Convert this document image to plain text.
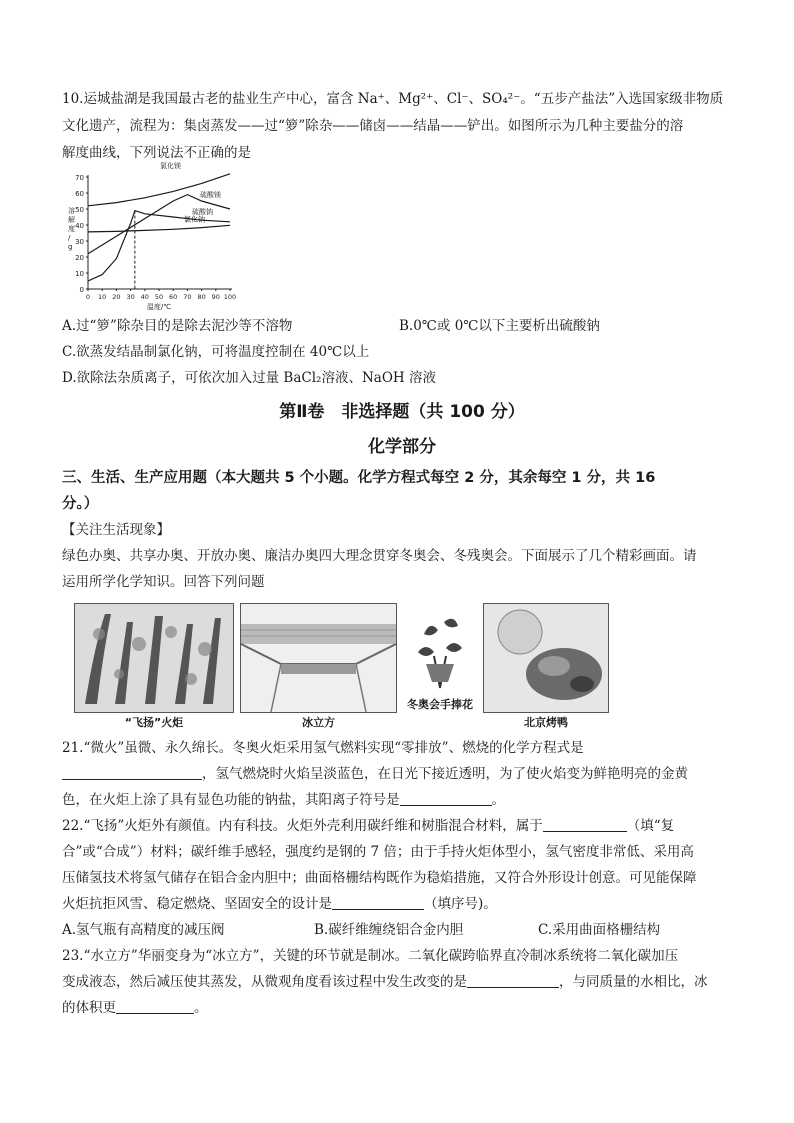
10.运城盐湖是我国最古老的盐业生产中心，富含 Na⁺、Mg²⁺、Cl⁻、SO₄²⁻。“五步产盐法”入选国家级非物质

文化遗产，流程为：集卤蒸发——过“箩”除杂——储卤——结晶——铲出。如图所示为几种主要盐分的溶

解度曲线，下列说法不正确的是

0
10
20
30
40
50
60
70
0 10 20 30 40 50 60 70 80 90 100
溶
解
度
/
g
温度/℃
氯化镁
硫酸镁
硫酸钠
氯化钠
A.过“箩”除杂目的是除去泥沙等不溶物	B.0℃或 0℃以下主要析出硫酸钠

C.欲蒸发结晶制氯化钠，可将温度控制在 40℃以上

D.欲除法杂质离子，可依次加入过量 BaCl₂溶液、NaOH 溶液

第Ⅱ卷　非选择题（共 100 分）
化学部分
三、生活、生产应用题（本大题共 5 个小题。化学方程式每空 2 分，其余每空 1 分，共 16
分。）
【关注生活现象】

绿色办奥、共享办奥、开放办奥、廉洁办奥四大理念贯穿冬奥会、冬残奥会。下面展示了几个精彩画面。请

运用所学化学知识。回答下列问题

“飞扬”火炬	冰立方
冬奥会手捧花
北京烤鸭

21.“微火”虽微、永久绵长。冬奥火炬采用氢气燃料实现“零排放”、燃烧的化学方程式是

，氢气燃烧时火焰呈淡蓝色，在日光下接近透明，为了使火焰变为鲜艳明亮的金黄

色，在火炬上涂了具有显色功能的钠盐，其阳离子符号是	。

22.“飞扬”火炬外有颜值。内有科技。火炬外壳利用碳纤维和树脂混合材料，属于	（填“复

合”或“合成”）材料；碳纤维手感轻，强度约是钢的 7 倍；由于手持火炬体型小，氢气密度非常低、采用高

压储氢技术将氢气储存在铝合金内胆中；曲面格栅结构既作为稳焰措施，又符合外形设计创意。可见能保障

火炬抗拒风雪、稳定燃烧、坚固安全的设计是	（填序号)。

A.氢气瓶有高精度的减压阀	B.碳纤维缠绕铝合金内胆	C.采用曲面格栅结构

23.“水立方”华丽变身为“冰立方”，关键的环节就是制冰。二氧化碳跨临界直冷制冰系统将二氧化碳加压

变成液态，然后减压使其蒸发，从微观角度看该过程中发生改变的是	，与同质量的水相比，冰

的体积更	。
